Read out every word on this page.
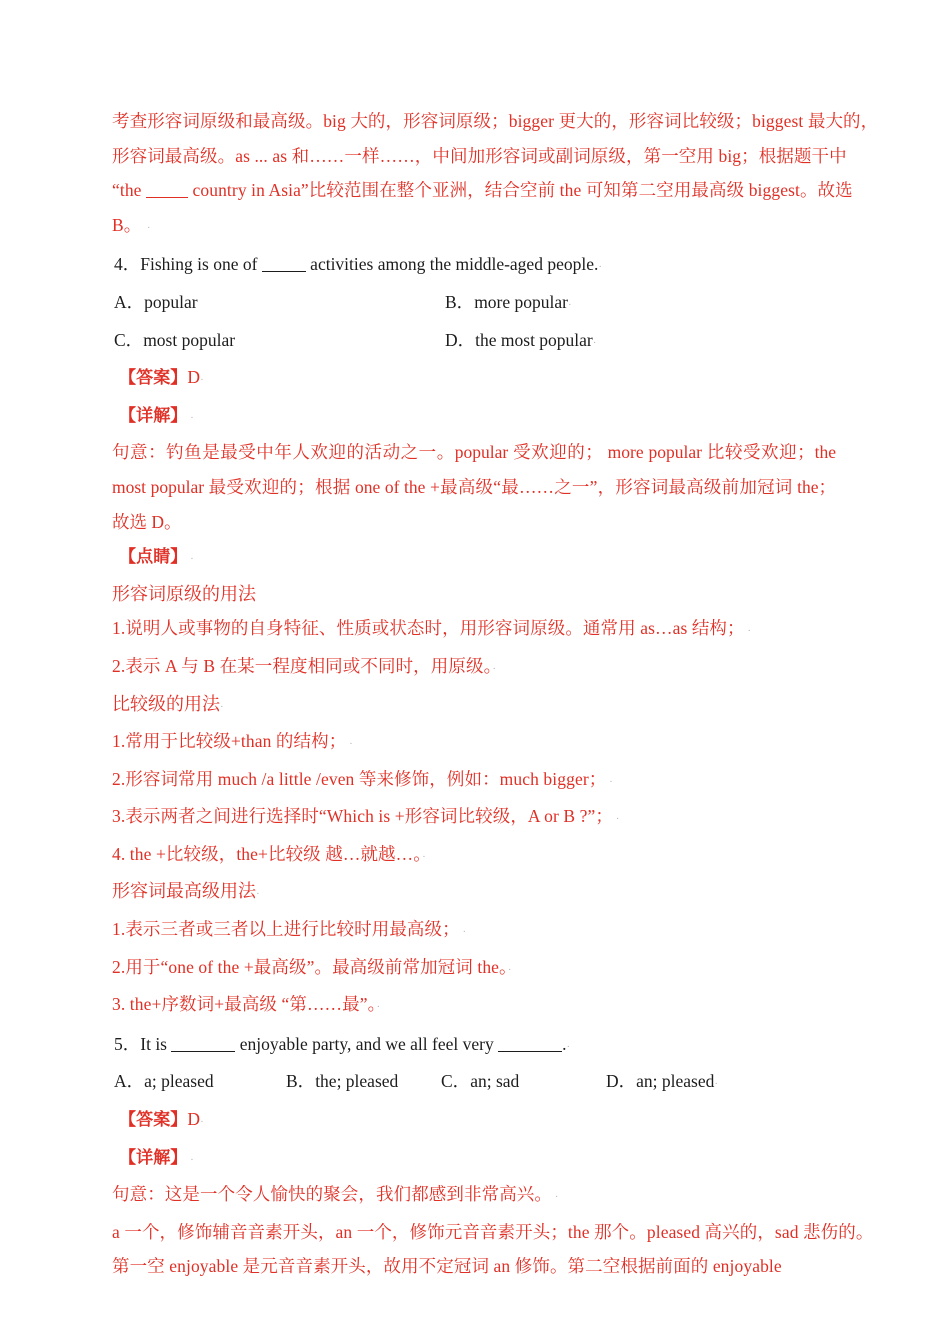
考查形容词原级和最高级。big 大的，形容词原级；bigger 更大的，形容词比较级；biggest 最大的，
形容词最高级。as ... as 和……一样……，中间加形容词或副词原级，第一空用 big；根据题干中
“the  country in Asia”比较范围在整个亚洲，结合空前 the 可知第二空用最高级 biggest。故选
B。  ·
4．Fishing is one of	activities among the middle-aged people.·
A．popular	B．more popular·
C．most popular	D．the most popular·
【答案】D·
【详解】 ·
句意：钓鱼是最受中年人欢迎的活动之一。popular 受欢迎的； more popular 比较受欢迎；the most popular 最受欢迎的；根据 one of the +最高级“最……之一”，形容词最高级前加冠词 the；故选 D。
【点睛】 ·
形容词原级的用法
1.说明人或事物的自身特征、性质或状态时，用形容词原级。通常用 as…as 结构； ·
2.表示 A 与 B 在某一程度相同或不同时，用原级。·
比较级的用法·
1.常用于比较级+than 的结构； ·
2.形容词常用 much /a little /even 等来修饰，例如：much bigger； ·
3.表示两者之间进行选择时“Which is +形容词比较级，A or B ?”； ·
4. the +比较级，the+比较级 越…就越…。·
形容词最高级用法·
1.表示三者或三者以上进行比较时用最高级； ·
2.用于“one of the +最高级”。最高级前常加冠词 the。·
3. the+序数词+最高级 “第……最”。·
5．It is	enjoyable party, and we all feel very	.·
A．a; pleased	B．the; pleased	C．an; sad	D．an; pleased·
【答案】D·
【详解】 ·
句意：这是一个令人愉快的聚会，我们都感到非常高兴。 ·
a 一个，修饰辅音音素开头，an 一个，修饰元音音素开头；the 那个。pleased 高兴的，sad 悲伤的。
第一空 enjoyable 是元音音素开头，故用不定冠词 an 修饰。第二空根据前面的 enjoyable
